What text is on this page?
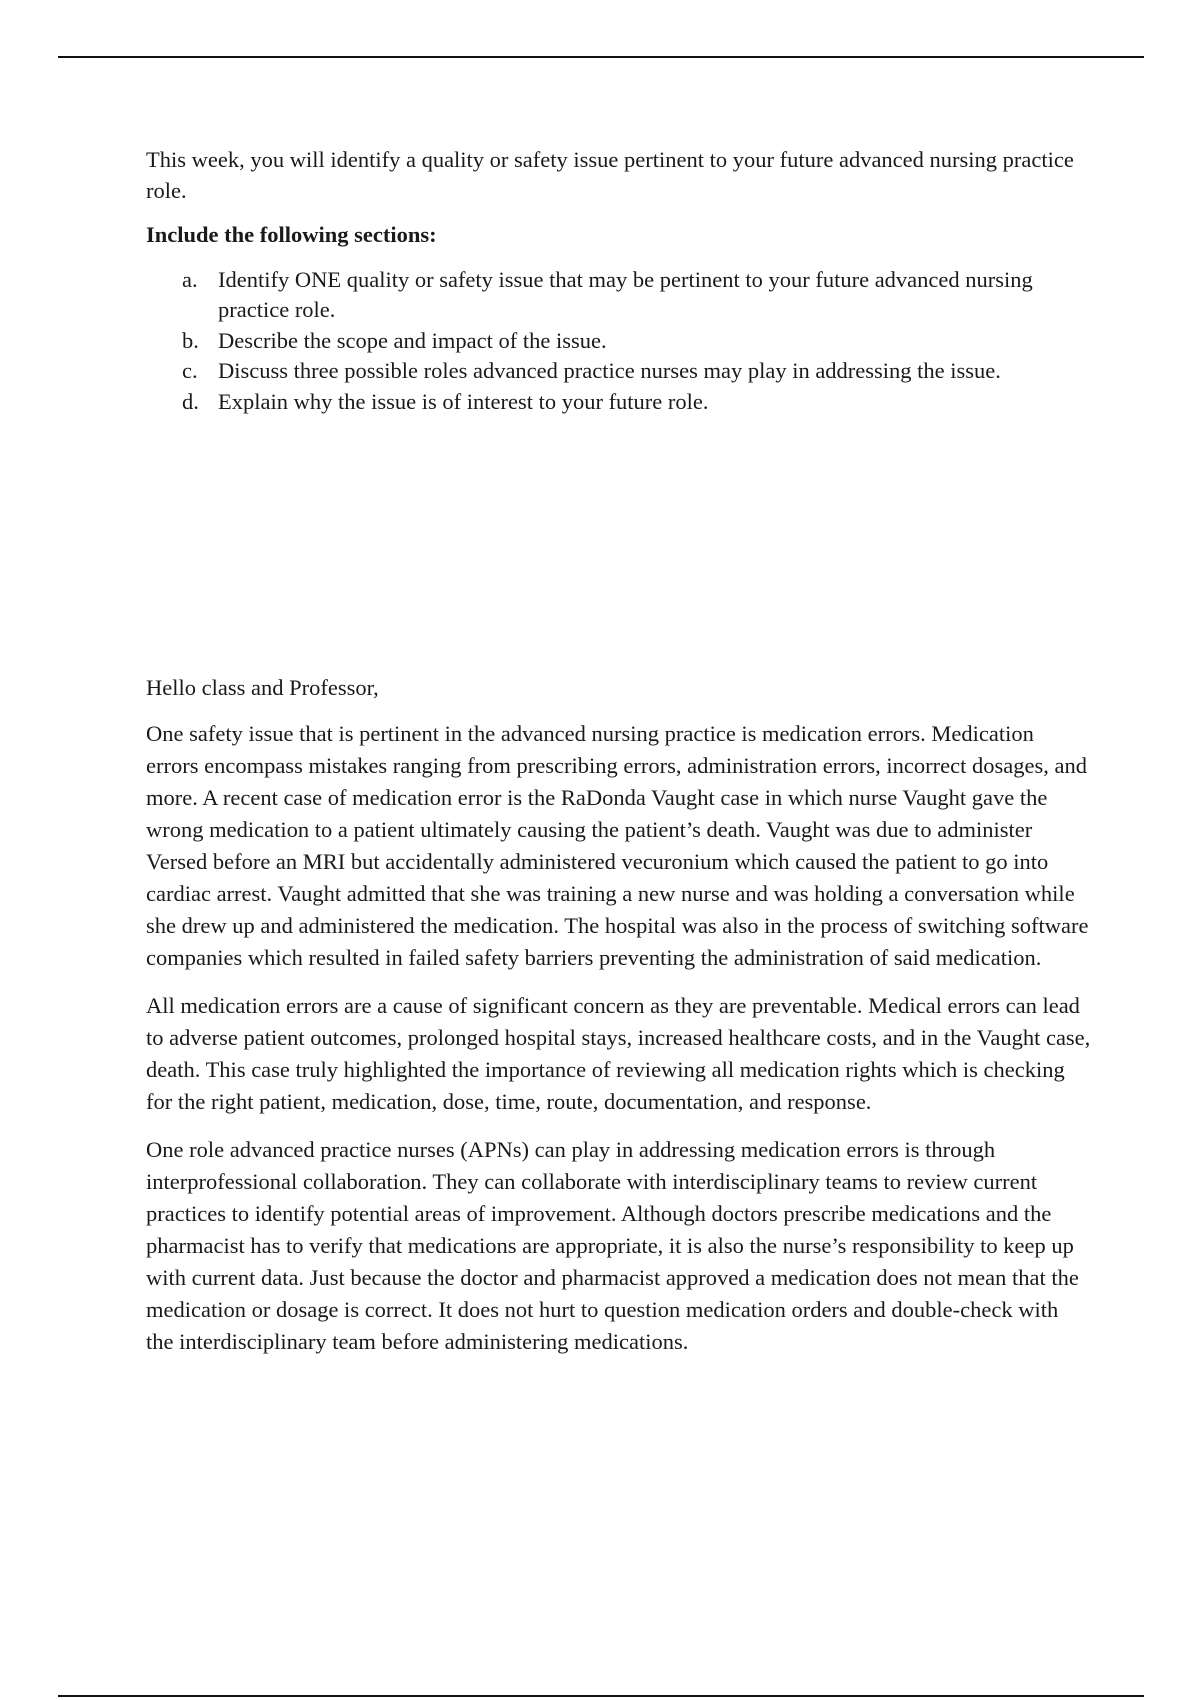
This week, you will identify a quality or safety issue pertinent to your future advanced nursing practice role.

Include the following sections:

a. Identify ONE quality or safety issue that may be pertinent to your future advanced nursing practice role.
b. Describe the scope and impact of the issue.
c. Discuss three possible roles advanced practice nurses may play in addressing the issue.
d. Explain why the issue is of interest to your future role.

Hello class and Professor,

One safety issue that is pertinent in the advanced nursing practice is medication errors. Medication errors encompass mistakes ranging from prescribing errors, administration errors, incorrect dosages, and more. A recent case of medication error is the RaDonda Vaught case in which nurse Vaught gave the wrong medication to a patient ultimately causing the patient’s death. Vaught was due to administer Versed before an MRI but accidentally administered vecuronium which caused the patient to go into cardiac arrest. Vaught admitted that she was training a new nurse and was holding a conversation while she drew up and administered the medication. The hospital was also in the process of switching software companies which resulted in failed safety barriers preventing the administration of said medication.

All medication errors are a cause of significant concern as they are preventable. Medical errors can lead to adverse patient outcomes, prolonged hospital stays, increased healthcare costs, and in the Vaught case, death. This case truly highlighted the importance of reviewing all medication rights which is checking for the right patient, medication, dose, time, route, documentation, and response.

One role advanced practice nurses (APNs) can play in addressing medication errors is through interprofessional collaboration. They can collaborate with interdisciplinary teams to review current practices to identify potential areas of improvement. Although doctors prescribe medications and the pharmacist has to verify that medications are appropriate, it is also the nurse’s responsibility to keep up with current data. Just because the doctor and pharmacist approved a medication does not mean that the medication or dosage is correct. It does not hurt to question medication orders and double-check with the interdisciplinary team before administering medications.
